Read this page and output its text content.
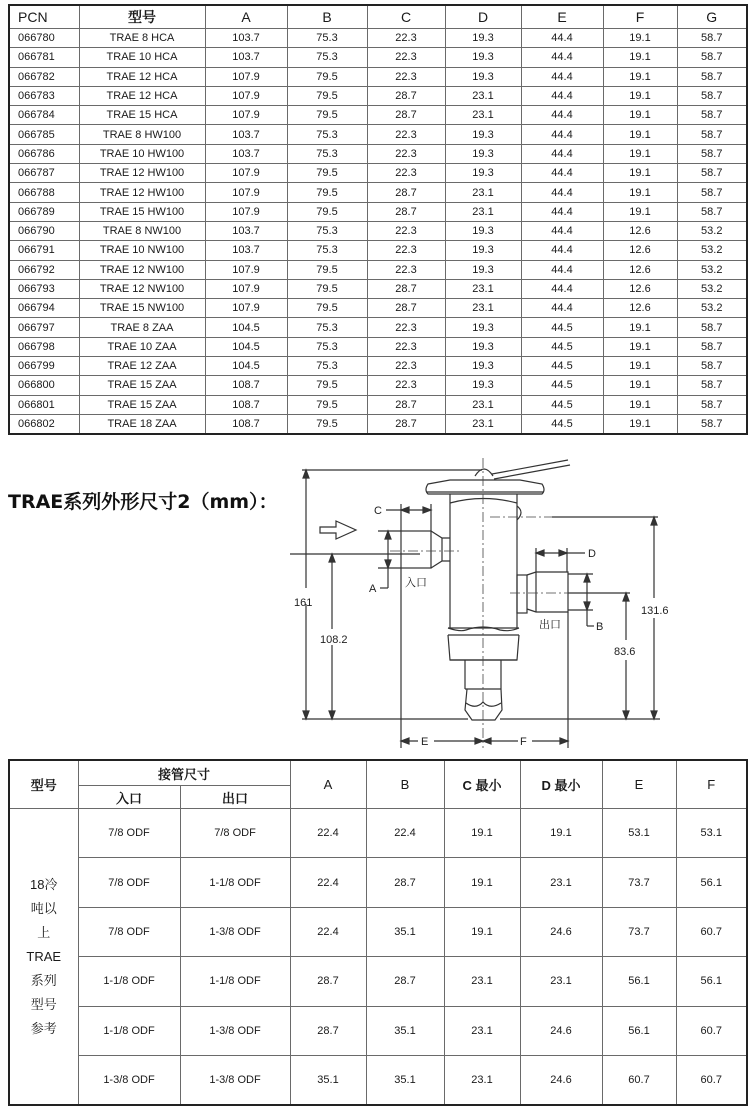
PCN	型号	A	B	C	D	E	F	G
066780	TRAE 8 HCA	103.7	75.3	22.3	19.3	44.4	19.1	58.7
066781	TRAE 10 HCA	103.7	75.3	22.3	19.3	44.4	19.1	58.7
066782	TRAE 12 HCA	107.9	79.5	22.3	19.3	44.4	19.1	58.7
066783	TRAE 12 HCA	107.9	79.5	28.7	23.1	44.4	19.1	58.7
066784	TRAE 15 HCA	107.9	79.5	28.7	23.1	44.4	19.1	58.7
066785	TRAE 8 HW100	103.7	75.3	22.3	19.3	44.4	19.1	58.7
066786	TRAE 10 HW100	103.7	75.3	22.3	19.3	44.4	19.1	58.7
066787	TRAE 12 HW100	107.9	79.5	22.3	19.3	44.4	19.1	58.7
066788	TRAE 12 HW100	107.9	79.5	28.7	23.1	44.4	19.1	58.7
066789	TRAE 15 HW100	107.9	79.5	28.7	23.1	44.4	19.1	58.7
066790	TRAE 8 NW100	103.7	75.3	22.3	19.3	44.4	12.6	53.2
066791	TRAE 10 NW100	103.7	75.3	22.3	19.3	44.4	12.6	53.2
066792	TRAE 12 NW100	107.9	79.5	22.3	19.3	44.4	12.6	53.2
066793	TRAE 12 NW100	107.9	79.5	28.7	23.1	44.4	12.6	53.2
066794	TRAE 15 NW100	107.9	79.5	28.7	23.1	44.4	12.6	53.2
066797	TRAE 8 ZAA	104.5	75.3	22.3	19.3	44.5	19.1	58.7
066798	TRAE 10 ZAA	104.5	75.3	22.3	19.3	44.5	19.1	58.7
066799	TRAE 12 ZAA	104.5	75.3	22.3	19.3	44.5	19.1	58.7
066800	TRAE 15 ZAA	108.7	79.5	22.3	19.3	44.5	19.1	58.7
066801	TRAE 15 ZAA	108.7	79.5	28.7	23.1	44.5	19.1	58.7
066802	TRAE 18 ZAA	108.7	79.5	28.7	23.1	44.5	19.1	58.7
TRAE系列外形尺寸2（mm）：	C
A	入口
D
B
出口
E	F
161
108.2
83.6
131.6
型号	接管尺寸		A	B	C 最小	D 最小	E	F
	入口	出口						

18冷
吨以
上
TRAE
系列
型号
参考
	7/8 ODF	7/8 ODF	22.4	22.4	19.1	19.1	53.1	53.1
	7/8 ODF	1-1/8 ODF	22.4	28.7	19.1	23.1	73.7	56.1
	7/8 ODF	1-3/8 ODF	22.4	35.1	19.1	24.6	73.7	60.7
	1-1/8 ODF	1-1/8 ODF	28.7	28.7	23.1	23.1	56.1	56.1
	1-1/8 ODF	1-3/8 ODF	28.7	35.1	23.1	24.6	56.1	60.7
	1-3/8 ODF	1-3/8 ODF	35.1	35.1	23.1	24.6	60.7	60.7
